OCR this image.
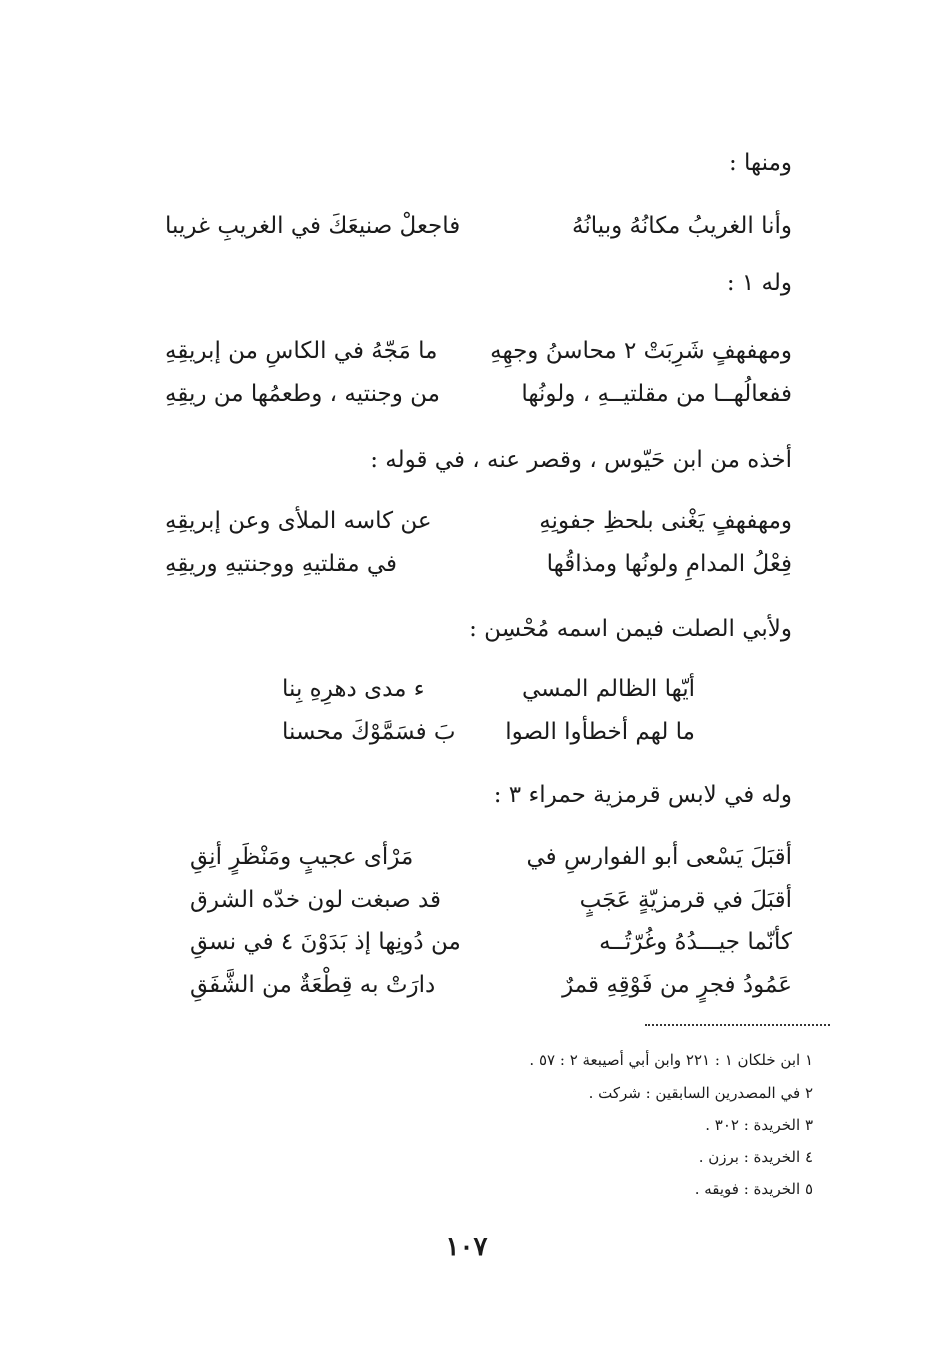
ومنها :
وأنا الغريبُ مكانُهُ وبيانُهُ
فاجعلْ صنيعَكَ في الغريبِ غريبا
وله ١ :
ومهفهفٍ شَرِبَتْ ٢ محاسنُ وجهِهِ
ما مَجّهُ في الكاسِ من إبريقِهِ
ففعالُهــا من مقلتيــهِ ، ولونُها
من وجنتيه ، وطعمُها من ريقِهِ
أخذه من ابن حَيّوس ، وقصر عنه ، في قوله :
ومهفهفٍ يَغْنى بلحظِ جفونِهِ
عن كاسه الملأى وعن إبريقِهِ
فِعْلُ المدامِ ولونُها ومذاقُها
في مقلتيهِ ووجنتيهِ وريقِهِ
ولأبي الصلت فيمن اسمه مُحْسِن :
أيّها الظالم المسي
ء مدى دهرِهِ بِنا
ما لهم أخطأوا الصوا
بَ فسَمَّوْكَ محسنا
وله في لابس قرمزية حمراء ٣ :
أقبَلَ يَسْعى أبو الفوارسِ في
مَرْأى عجيبٍ ومَنْظَرٍ أنِقِ
أقبَلَ في قرمزيّةٍ عَجَبٍ
قد صبغت لون خدّه الشرق
كأنّما جيـــدُهُ وغُرّتُــه
من دُونِها إذ بَدَوْنَ ٤ في نسقِ
عَمُودُ فجرٍ من فَوْقِهِ قمرٌ
دارَتْ به قِطْعَةٌ من الشَّفَقِ
١ ابن خلكان ١ : ٢٢١ وابن أبي أصيبعة ٢ : ٥٧ .
٢ في المصدرين السابقين : شركت .
٣ الخريدة : ٣٠٢ .
٤ الخريدة : برزن .
٥ الخريدة : فويقه .
١٠٧
